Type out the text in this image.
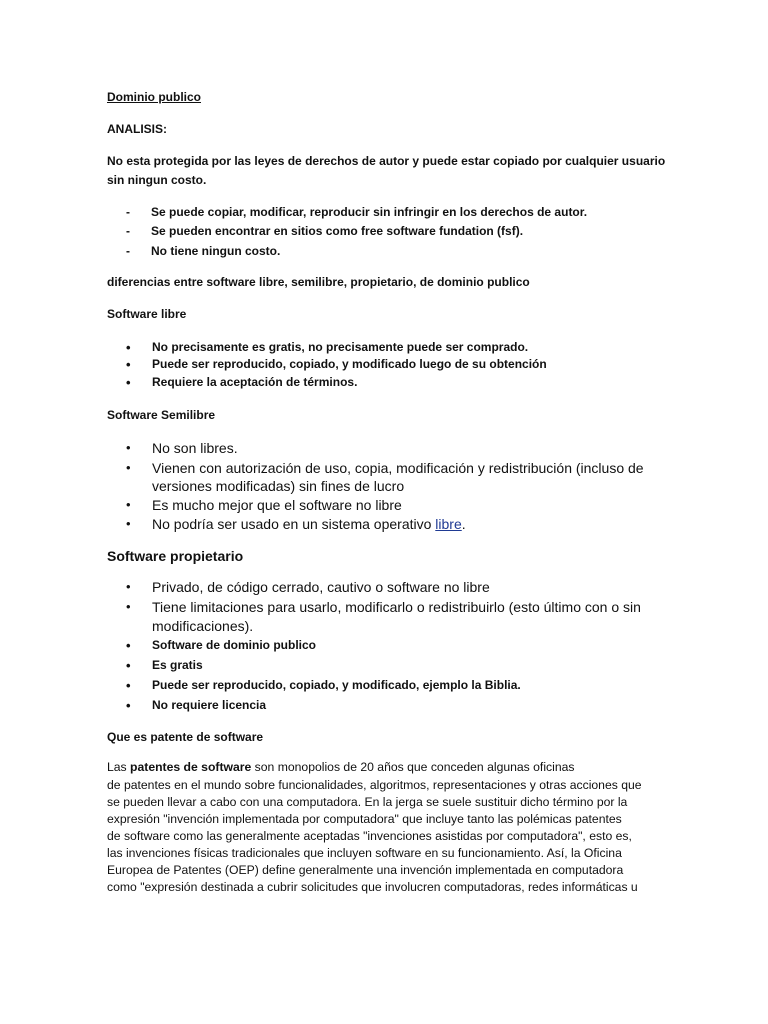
Dominio publico

ANALISIS:

No esta protegida por las leyes de derechos de autor y puede estar copiado por cualquier usuario

sin ningun costo.

- Se puede copiar, modificar, reproducir sin infringir en los derechos de autor.
- Se pueden encontrar en sitios como free software fundation (fsf).
- No tiene ningun costo.

diferencias entre software libre, semilibre, propietario, de dominio publico

Software libre

• No precisamente es gratis, no precisamente puede ser comprado.
• Puede ser reproducido, copiado, y modificado luego de su obtención
• Requiere la aceptación de términos.

Software Semilibre

• No son libres.
• Vienen con autorización de uso, copia, modificación y redistribución (incluso de
versiones modificadas) sin fines de lucro
• Es mucho mejor que el software no libre
• No podría ser usado en un sistema operativo libre.

Software propietario

• Privado, de código cerrado, cautivo o software no libre
• Tiene limitaciones para usarlo, modificarlo o redistribuirlo (esto último con o sin
modificaciones).
• Software de dominio publico
• Es gratis
• Puede ser reproducido, copiado, y modificado, ejemplo la Biblia.
• No requiere licencia

Que es patente de software

Las patentes de software son monopolios de 20 años que conceden algunas oficinas

de patentes en el mundo sobre funcionalidades, algoritmos, representaciones y otras acciones que

se pueden llevar a cabo con una computadora. En la jerga se suele sustituir dicho término por la

expresión "invención implementada por computadora" que incluye tanto las polémicas patentes

de software como las generalmente aceptadas "invenciones asistidas por computadora", esto es,

las invenciones físicas tradicionales que incluyen software en su funcionamiento. Así, la Oficina

Europea de Patentes (OEP) define generalmente una invención implementada en computadora

como "expresión destinada a cubrir solicitudes que involucren computadoras, redes informáticas u
